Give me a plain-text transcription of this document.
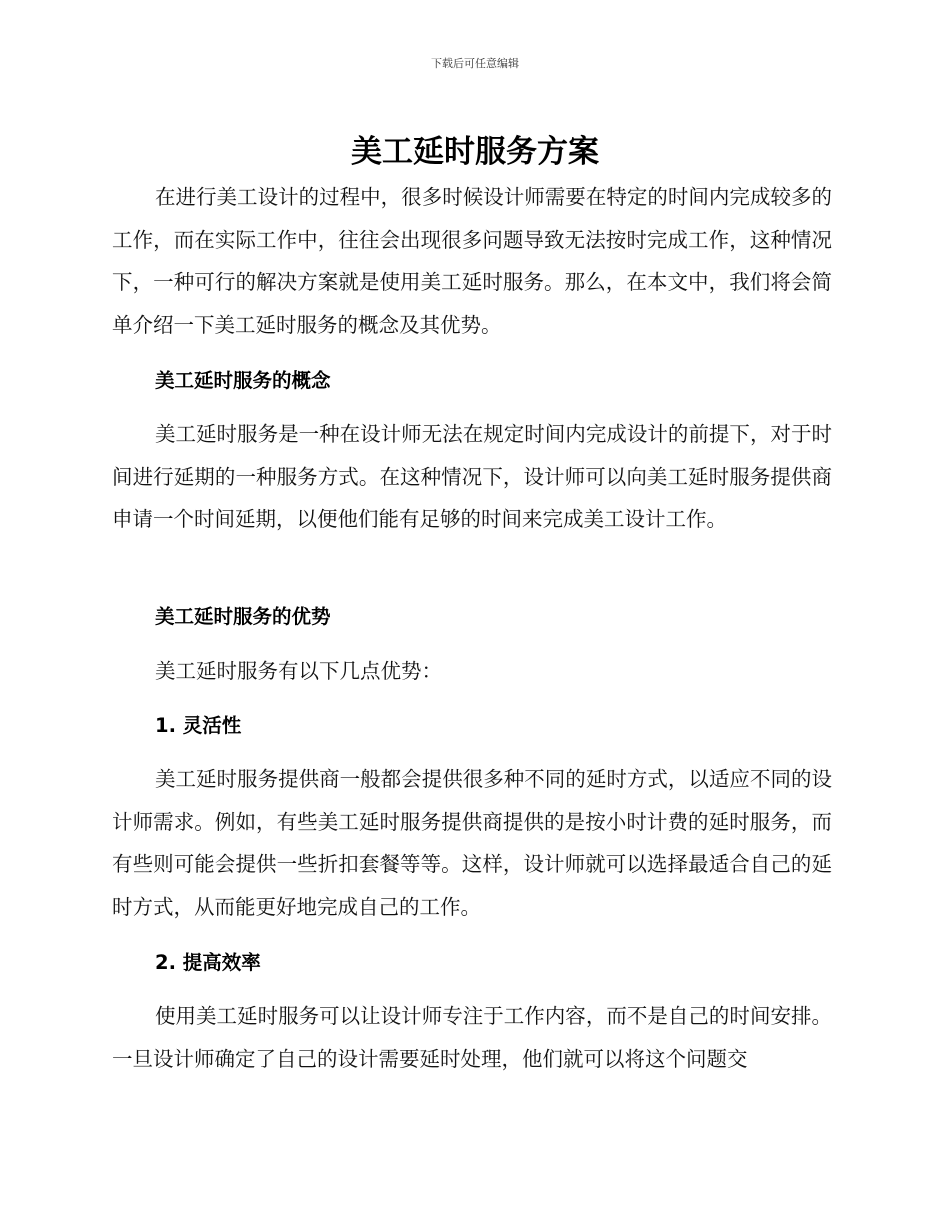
下载后可任意编辑
美工延时服务方案

在进行美工设计的过程中，很多时候设计师需要在特定的时间内完成较多的工作，而在实际工作中，往往会出现很多问题导致无法按时完成工作，这种情况下，一种可行的解决方案就是使用美工延时服务。那么，在本文中，我们将会简单介绍一下美工延时服务的概念及其优势。

美工延时服务的概念

美工延时服务是一种在设计师无法在规定时间内完成设计的前提下，对于时间进行延期的一种服务方式。在这种情况下，设计师可以向美工延时服务提供商申请一个时间延期，以便他们能有足够的时间来完成美工设计工作。

美工延时服务的优势

美工延时服务有以下几点优势：

1. 灵活性

美工延时服务提供商一般都会提供很多种不同的延时方式，以适应不同的设计师需求。例如，有些美工延时服务提供商提供的是按小时计费的延时服务，而有些则可能会提供一些折扣套餐等等。这样，设计师就可以选择最适合自己的延时方式，从而能更好地完成自己的工作。

2. 提高效率

使用美工延时服务可以让设计师专注于工作内容，而不是自己的时间安排。一旦设计师确定了自己的设计需要延时处理，他们就可以将这个问题交
